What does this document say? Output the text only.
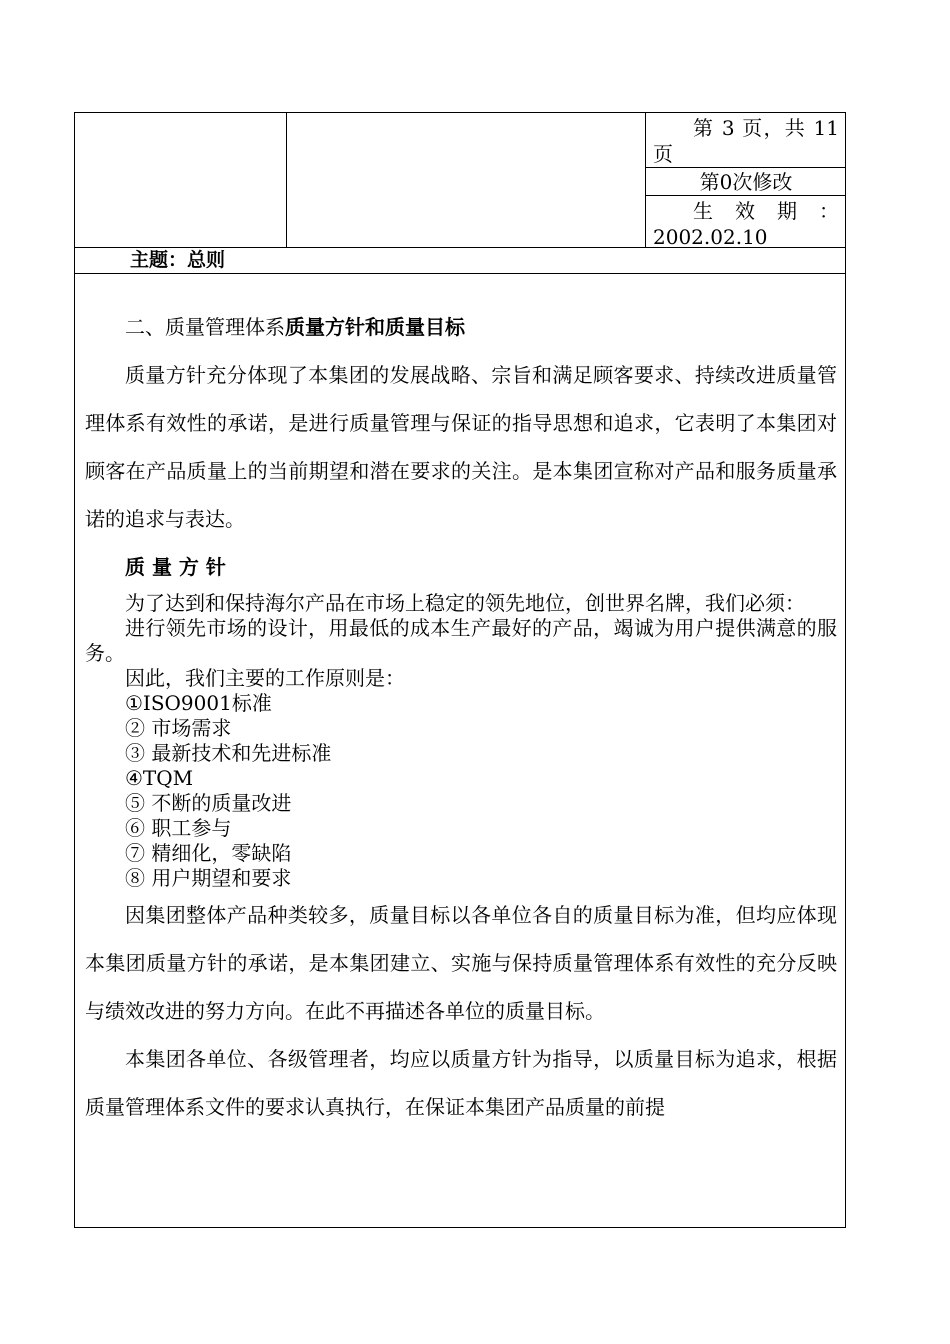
第 3 页，共 11页
第0次修改
生 效 期 ：2002.02.10
主题：总则

二、质量管理体系质量方针和质量目标

质量方针充分体现了本集团的发展战略、宗旨和满足顾客要求、持续改进质量管理体系有效性的承诺，是进行质量管理与保证的指导思想和追求，它表明了本集团对顾客在产品质量上的当前期望和潜在要求的关注。是本集团宣称对产品和服务质量承诺的追求与表达。

质 量 方 针

为了达到和保持海尔产品在市场上稳定的领先地位，创世界名牌，我们必须：

进行领先市场的设计，用最低的成本生产最好的产品，竭诚为用户提供满意的服务。

因此，我们主要的工作原则是：

①ISO9001标准

② 市场需求

③ 最新技术和先进标准

④TQM

⑤ 不断的质量改进

⑥ 职工参与

⑦ 精细化，零缺陷

⑧ 用户期望和要求

因集团整体产品种类较多，质量目标以各单位各自的质量目标为准，但均应体现本集团质量方针的承诺，是本集团建立、实施与保持质量管理体系有效性的充分反映与绩效改进的努力方向。在此不再描述各单位的质量目标。

本集团各单位、各级管理者，均应以质量方针为指导，以质量目标为追求，根据质量管理体系文件的要求认真执行，在保证本集团产品质量的前提
